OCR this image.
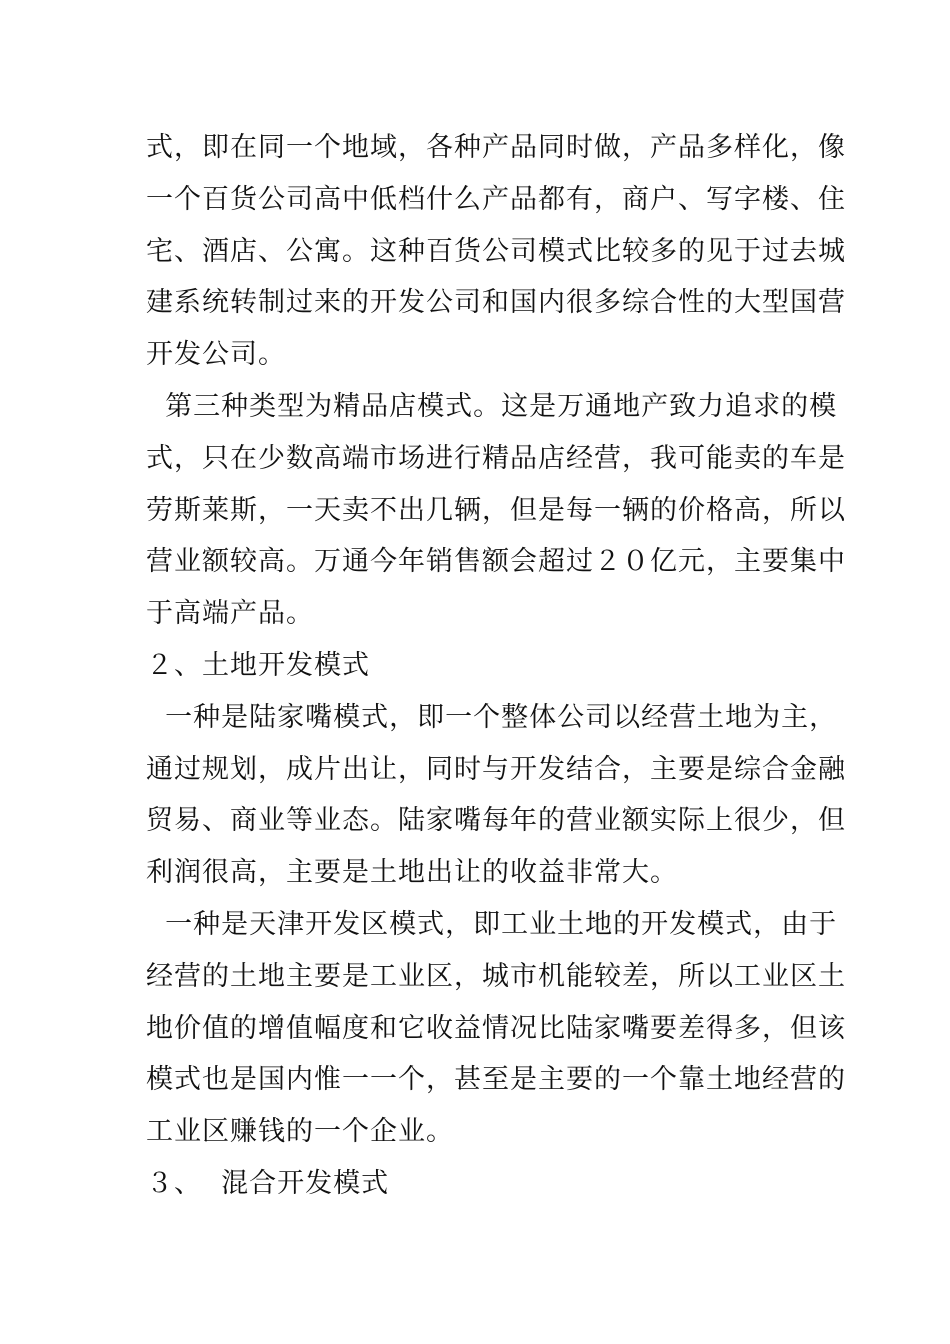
式，即在同一个地域，各种产品同时做，产品多样化，像
一个百货公司高中低档什么产品都有，商户、写字楼、住
宅、酒店、公寓。这种百货公司模式比较多的见于过去城
建系统转制过来的开发公司和国内很多综合性的大型国营
开发公司。
第三种类型为精品店模式。这是万通地产致力追求的模
式，只在少数高端市场进行精品店经营，我可能卖的车是
劳斯莱斯，一天卖不出几辆，但是每一辆的价格高，所以
营业额较高。万通今年销售额会超过２０亿元，主要集中
于高端产品。
２、土地开发模式
一种是陆家嘴模式，即一个整体公司以经营土地为主，
通过规划，成片出让，同时与开发结合，主要是综合金融
贸易、商业等业态。陆家嘴每年的营业额实际上很少，但
利润很高，主要是土地出让的收益非常大。
一种是天津开发区模式，即工业土地的开发模式，由于
经营的土地主要是工业区，城市机能较差，所以工业区土
地价值的增值幅度和它收益情况比陆家嘴要差得多，但该
模式也是国内惟一一个，甚至是主要的一个靠土地经营的
工业区赚钱的一个企业。
３、  混合开发模式
